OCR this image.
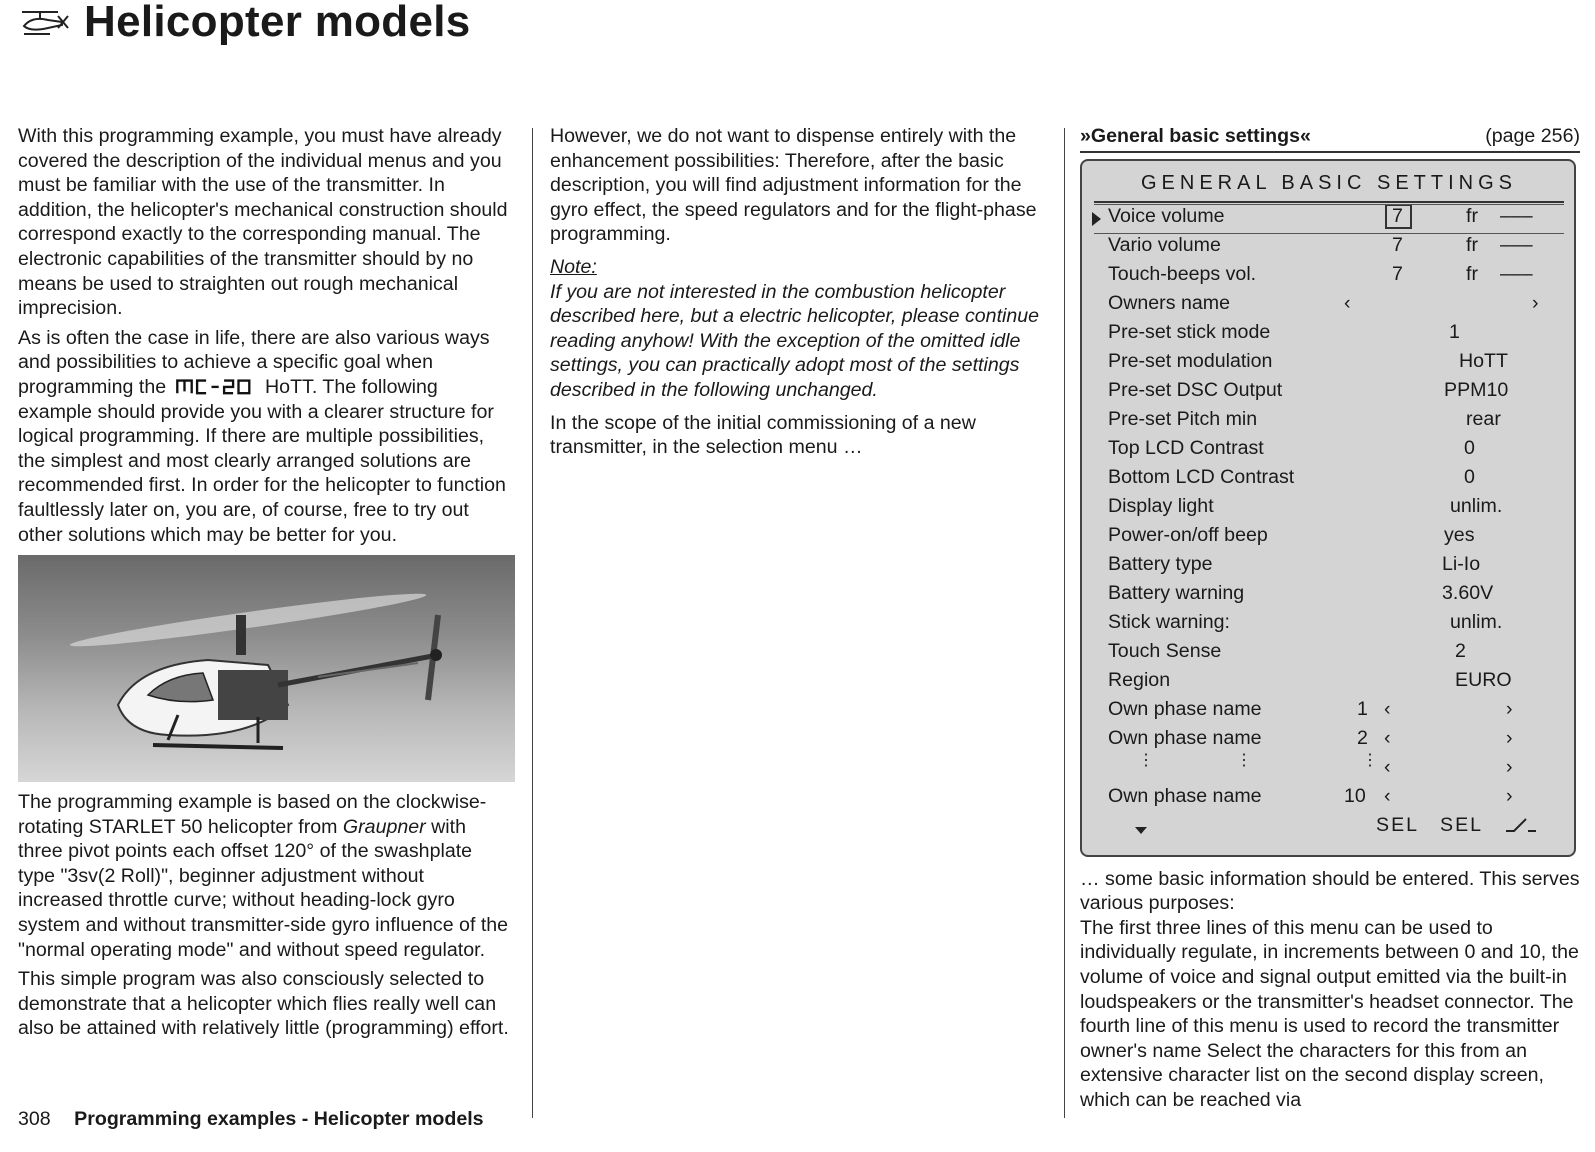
Helicopter models

With this programming example, you must have already covered the description of the individual menus and you must be familiar with the use of the transmitter. In addition, the helicopter's mechanical construction should correspond exactly to the corresponding manual. The electronic capabilities of the transmitter should by no means be used to straighten out rough mechanical imprecision.

As is often the case in life, there are also various ways and possibilities to achieve a specific goal when programming the	HoTT. The following example should provide you with a clearer structure for logical programming. If there are multiple possibilities, the simplest and most clearly arranged solutions are recommended first. In order for the helicopter to function faultlessly later on, you are, of course, free to try out other solutions which may be better for you.

The programming example is based on the clockwise-rotating STARLET 50 helicopter from Graupner with three pivot points each offset 120° of the swashplate type "3sv(2 Roll)", beginner adjustment without increased throttle curve; without heading-lock gyro system and without transmitter-side gyro influence of the "normal operating mode" and without speed regulator.

This simple program was also consciously selected to demonstrate that a helicopter which flies really well can also be attained with relatively little (programming) effort.

However, we do not want to dispense entirely with the enhancement possibilities: Therefore, after the basic description, you will find adjustment information for the gyro effect, the speed regulators and for the flight-phase programming.

Note:
If you are not interested in the combustion helicopter described here, but a electric helicopter, please continue reading anyhow! With the exception of the omitted idle settings, you can practically adopt most of the settings described in the following unchanged.

In the scope of the initial commissioning of a new transmitter, in the selection menu …

»General basic settings«	(page 256)
GENERAL BASIC SETTINGS
Voice volume	7	fr –––
Vario volume	7	fr –––
Touch-beeps vol.	7	fr –––
Owners name	‹	›
Pre-set stick mode	1
Pre-set modulation	HoTT
Pre-set DSC Output	PPM10
Pre-set Pitch min	rear
Top LCD Contrast	0
Bottom LCD Contrast	0
Display light	unlim.
Power-on/off beep	yes
Battery type	Li-Io
Battery warning	3.60V
Stick warning:	unlim.
Touch Sense	2
Region	EURO
Own phase name	1 ‹	›
Own phase name	2 ‹	›
⋮	⋮	⋮ ‹	›
Own phase name	10 ‹	›
SEL SEL

… some basic information should be entered. This serves various purposes:

The first three lines of this menu can be used to individually regulate, in increments between 0 and 10, the volume of voice and signal output emitted via the built-in loudspeakers or the transmitter's headset connector. The fourth line of this menu is used to record the transmitter owner's name Select the characters for this from an extensive character list on the second display screen, which can be reached via

308 Programming examples - Helicopter models
